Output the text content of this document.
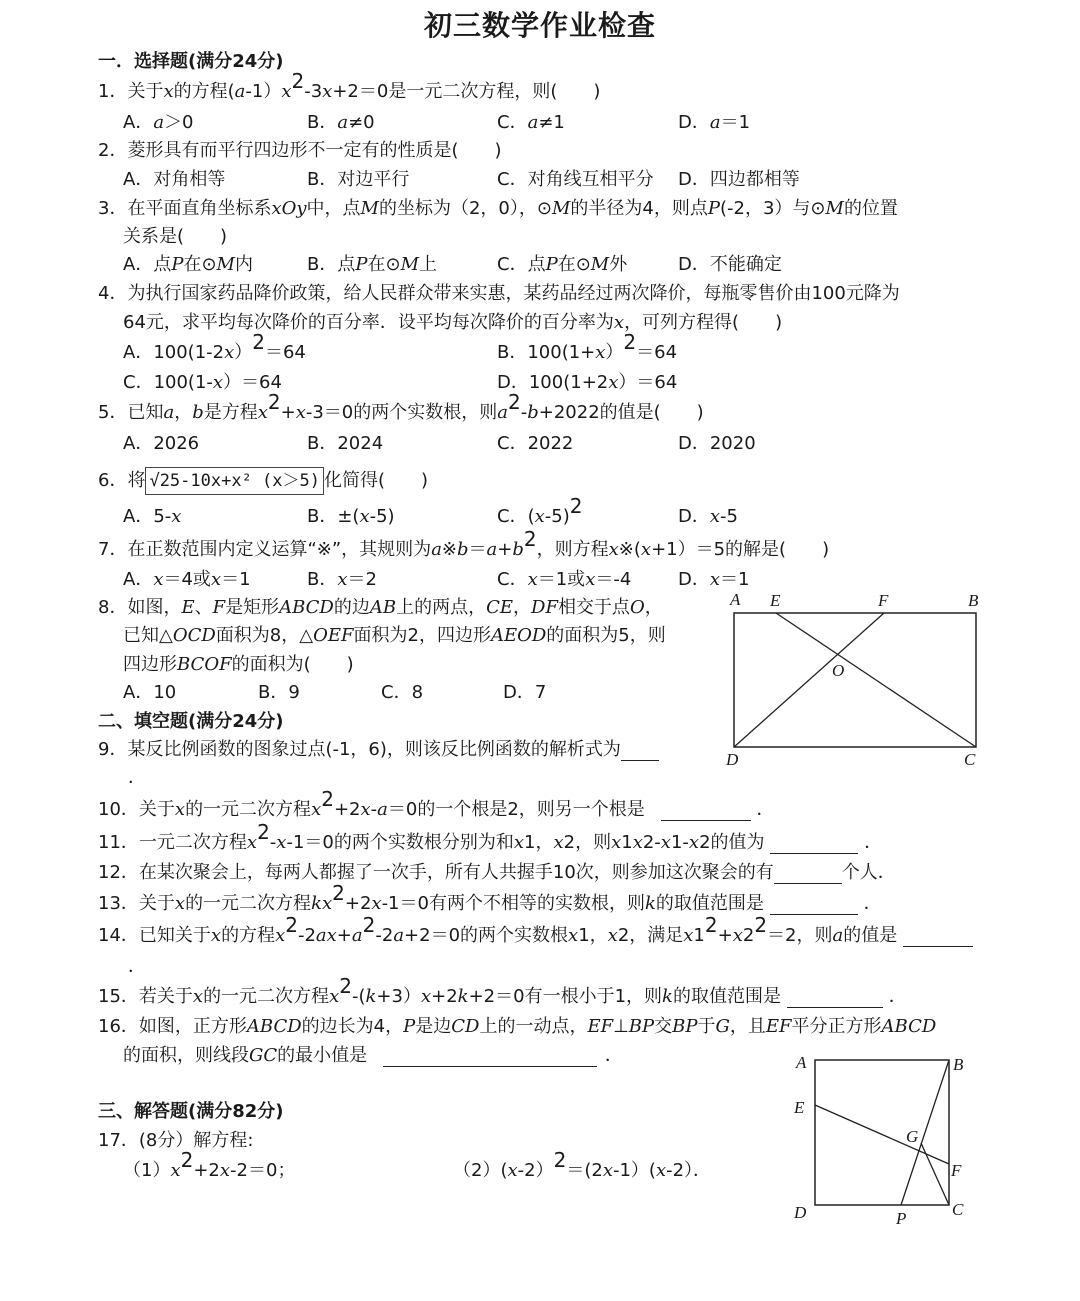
初三数学作业检查
一．选择题(满分24分)
1．关于x的方程$(a-1)x^2-3x+2=0$是一元二次方程，则(　　)
A．a＞0	B．a≠0	C．a≠1	D．a＝1
2．菱形具有而平行四边形不一定有的性质是(　　)
A．对角相等	B．对边平行	C．对角线互相平分 D．四边都相等
3．在平面直角坐标系xOy中，点M的坐标为（2，0），⊙M的半径为4，则点P(-2，3）与⊙M的位置
关系是(　　)
A．点P在⊙M内	B．点P在⊙M上	C．点P在⊙M外	D．不能确定
4．为执行国家药品降价政策，给人民群众带来实惠，某药品经过两次降价，每瓶零售价由100元降为
64元，求平均每次降价的百分率．设平均每次降价的百分率为x，可列方程得(　　)
A．100(1-2x）$^2$＝64	B．100(1+x）$^2$＝64
C．100(1-x）＝64	D．100(1+2x）＝64
5．已知a，b是方程$x^2+x-3=0$的两个实数根，则$a^2-b+2022$的值是(　　)
A．2026	B．2024	C．2022	D．2020
6．将 √25-10x+x² (x＞5) 化简得(　　)
A．5-x	B．±(x-5)	C．$(x-5)^2$	D．x-5
7．在正数范围内定义运算“※”，其规则为$a※b=a+b^2$，则方程x※(x+1）＝5的解是(　　)
A．x＝4或x＝1	B．x＝2	C．x＝1或x＝-4	D．x＝1
8．如图，E、F是矩形ABCD的边AB上的两点，CE，DF相交于点O，
已知△OCD面积为8，△OEF面积为2，四边形AEOD的面积为5，则
四边形BCOF的面积为(　　)
A．10	B．9	C．8	D．7
A E	F	B
O
D	C
二、填空题(满分24分)
9．某反比例函数的图象过点(-1，6)，则该反比例函数的解析式为
．
10．关于x的一元二次方程$x^2+2x-a=0$的一个根是2，则另一个根是	．
11．一元二次方程$x^2-x-1=0$的两个实数根分别为和x1，x2，则x1x2-x1-x2的值为	．
12．在某次聚会上，每两人都握了一次手，所有人共握手10次，则参加这次聚会的有	个人．
13．关于x的一元二次方程$kx^2+2x-1=0$有两个不相等的实数根，则k的取值范围是	．
14．已知关于x的方程$x^2-2ax+a^2-2a+2=0$的两个实数根x1，x2，满足$x1^2+x2^2=2$，则a的值是
．
15．若关于x的一元二次方程$x^2-(k+3)x+2k+2=0$有一根小于1，则k的取值范围是	．
16．如图，正方形ABCD的边长为4，P是边CD上的一动点，EF⊥BP交BP于G，且EF平分正方形ABCD
的面积，则线段GC的最小值是	．	A	B
E
G
F
D	P	C
三、解答题(满分82分)
17．(8分）解方程:
$(1)x^2+2x-2=0$；	（2）(x-2）$^2$＝(2x-1）(x-2）．
